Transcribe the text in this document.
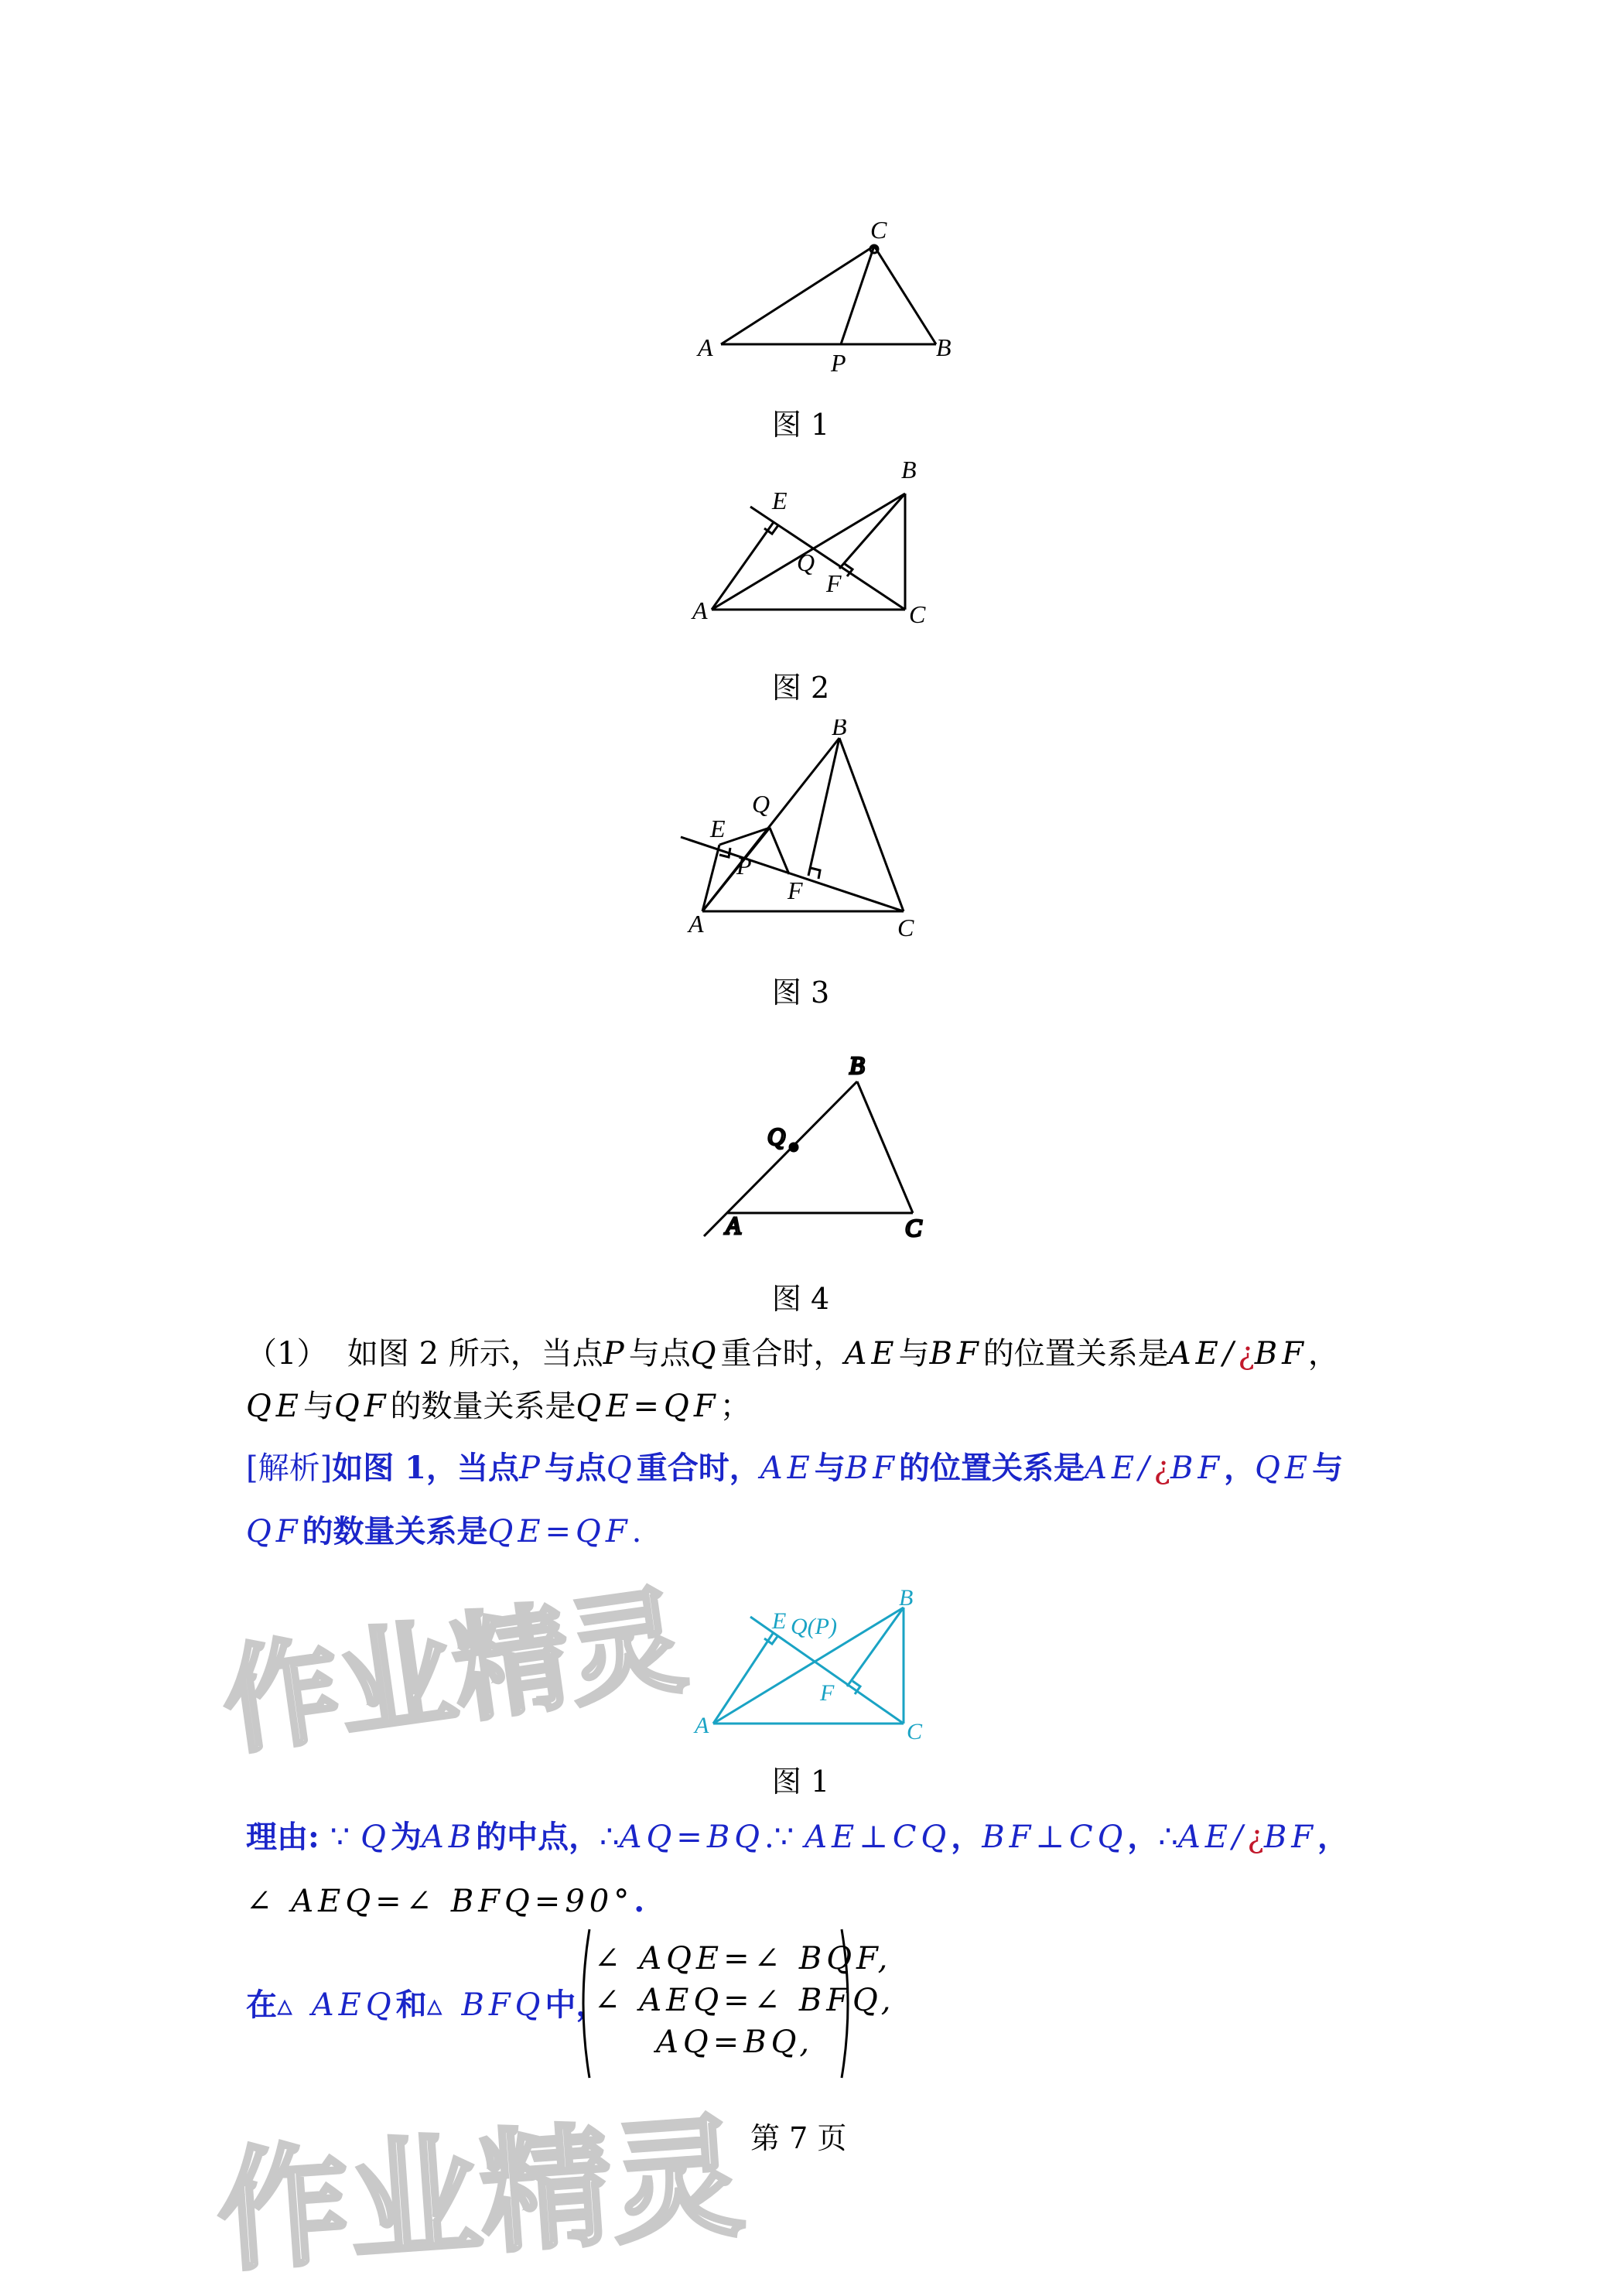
作业精灵
作业精灵
A	B
C
P
图 1
A
B
C
E
Q
F
图 2
B
A	C
E
Q
F
P
图 3
A
B
C
Q
图 4
（1） 如图 2 所示，当点P与点Q重合时，AE与BF的位置关系是AE/¿BF，
QE与QF的数量关系是QE=QF；
[解析]如图 1，当点P与点Q重合时，AE与BF的位置关系是AE/¿BF，QE与
QF的数量关系是QE=QF.
A
B
C
E Q(P)
F
图 1
理由: ∵ Q为AB的中点，∴AQ=BQ.∵ AE⊥CQ，BF⊥CQ，∴AE/¿BF，
∠ AEQ=∠ BFQ=90°.
在▵ AEQ和▵ BFQ中，
∠ AQE=∠ BQF,
∠ AEQ=∠ BFQ,
AQ=BQ,
第 7 页
